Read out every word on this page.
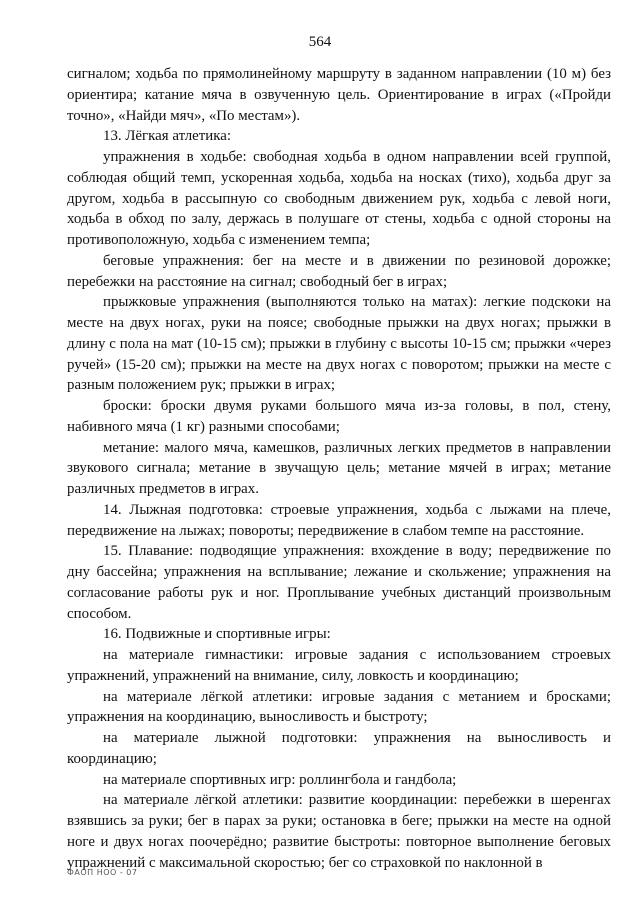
564

сигналом; ходьба по прямолинейному маршруту в заданном направлении (10 м) без ориентира; катание мяча в озвученную цель. Ориентирование в играх («Пройди точно», «Найди мяч», «По местам»).

13. Лёгкая атлетика:

упражнения в ходьбе: свободная ходьба в одном направлении всей группой, соблюдая общий темп, ускоренная ходьба, ходьба на носках (тихо), ходьба друг за другом, ходьба в рассыпную со свободным движением рук, ходьба с левой ноги, ходьба в обход по залу, держась в полушаге от стены, ходьба с одной стороны на противоположную, ходьба с изменением темпа;

беговые упражнения: бег на месте и в движении по резиновой дорожке; перебежки на расстояние на сигнал; свободный бег в играх;

прыжковые упражнения (выполняются только на матах): легкие подскоки на месте на двух ногах, руки на поясе; свободные прыжки на двух ногах; прыжки в длину с пола на мат (10-15 см); прыжки в глубину с высоты 10-15 см; прыжки «через ручей» (15-20 см); прыжки на месте на двух ногах с поворотом; прыжки на месте с разным положением рук; прыжки в играх;

броски: броски двумя руками большого мяча из-за головы, в пол, стену, набивного мяча (1 кг) разными способами;

метание: малого мяча, камешков, различных легких предметов в направлении звукового сигнала; метание в звучащую цель; метание мячей в играх; метание различных предметов в играх.

14. Лыжная подготовка: строевые упражнения, ходьба с лыжами на плече, передвижение на лыжах; повороты; передвижение в слабом темпе на расстояние.

15. Плавание: подводящие упражнения: вхождение в воду; передвижение по дну бассейна; упражнения на всплывание; лежание и скольжение; упражнения на согласование работы рук и ног. Проплывание учебных дистанций произвольным способом.

16. Подвижные и спортивные игры:

на материале гимнастики: игровые задания с использованием строевых упражнений, упражнений на внимание, силу, ловкость и координацию;

на материале лёгкой атлетики: игровые задания с метанием и бросками; упражнения на координацию, выносливость и быстроту;

на материале лыжной подготовки: упражнения на выносливость и координацию;

на материале спортивных игр: роллингбола и гандбола;

на материале лёгкой атлетики: развитие координации: перебежки в шеренгах взявшись за руки; бег в парах за руки; остановка в беге; прыжки на месте на одной ноге и двух ногах поочерёдно; развитие быстроты: повторное выполнение беговых упражнений с максимальной скоростью; бег со страховкой по наклонной в

ФАОП НОО - 07
